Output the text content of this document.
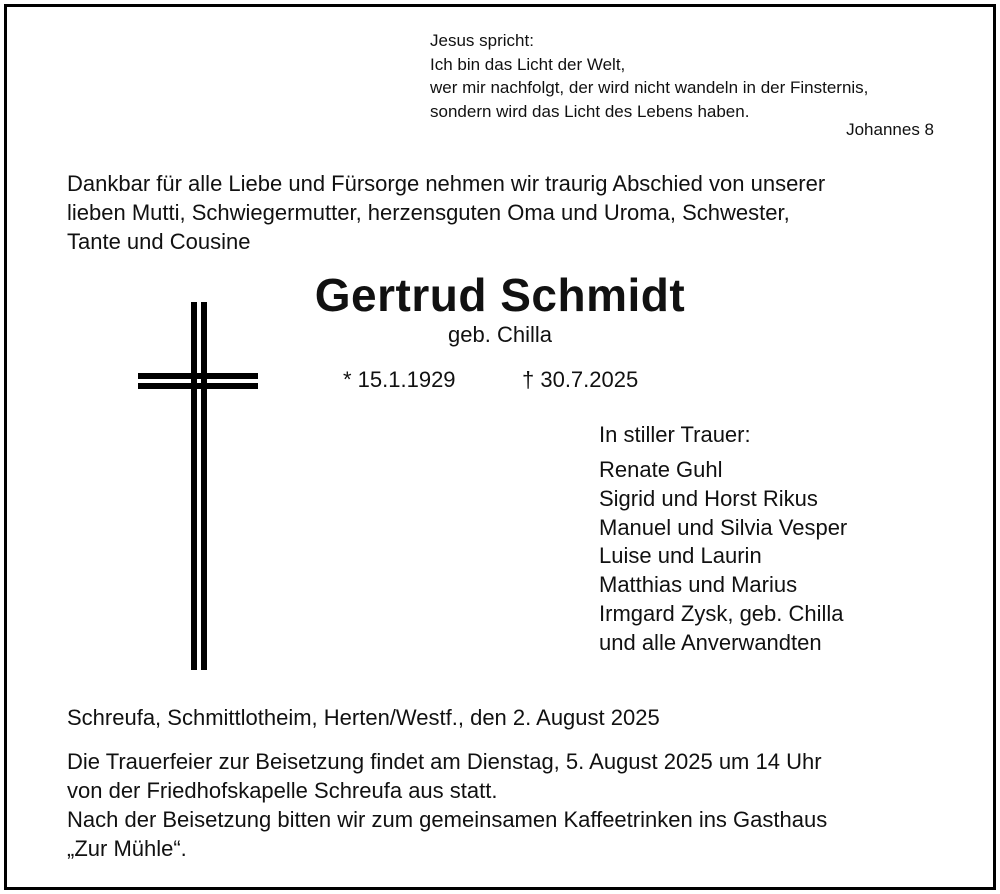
Jesus spricht:
Ich bin das Licht der Welt,
wer mir nachfolgt, der wird nicht wandeln in der Finsternis,
sondern wird das Licht des Lebens haben.
Johannes 8
Dankbar für alle Liebe und Fürsorge nehmen wir traurig Abschied von unserer
lieben Mutti, Schwiegermutter, herzensguten Oma und Uroma, Schwester,
Tante und Cousine
Gertrud Schmidt
geb. Chilla
* 15.1.1929	† 30.7.2025
In stiller Trauer:
Renate Guhl
Sigrid und Horst Rikus
Manuel und Silvia Vesper
Luise und Laurin
Matthias und Marius
Irmgard Zysk, geb. Chilla
und alle Anverwandten
Schreufa, Schmittlotheim, Herten/Westf., den 2. August 2025
Die Trauerfeier zur Beisetzung findet am Dienstag, 5. August 2025 um 14 Uhr
von der Friedhofskapelle Schreufa aus statt.
Nach der Beisetzung bitten wir zum gemeinsamen Kaffeetrinken ins Gasthaus
„Zur Mühle“.
